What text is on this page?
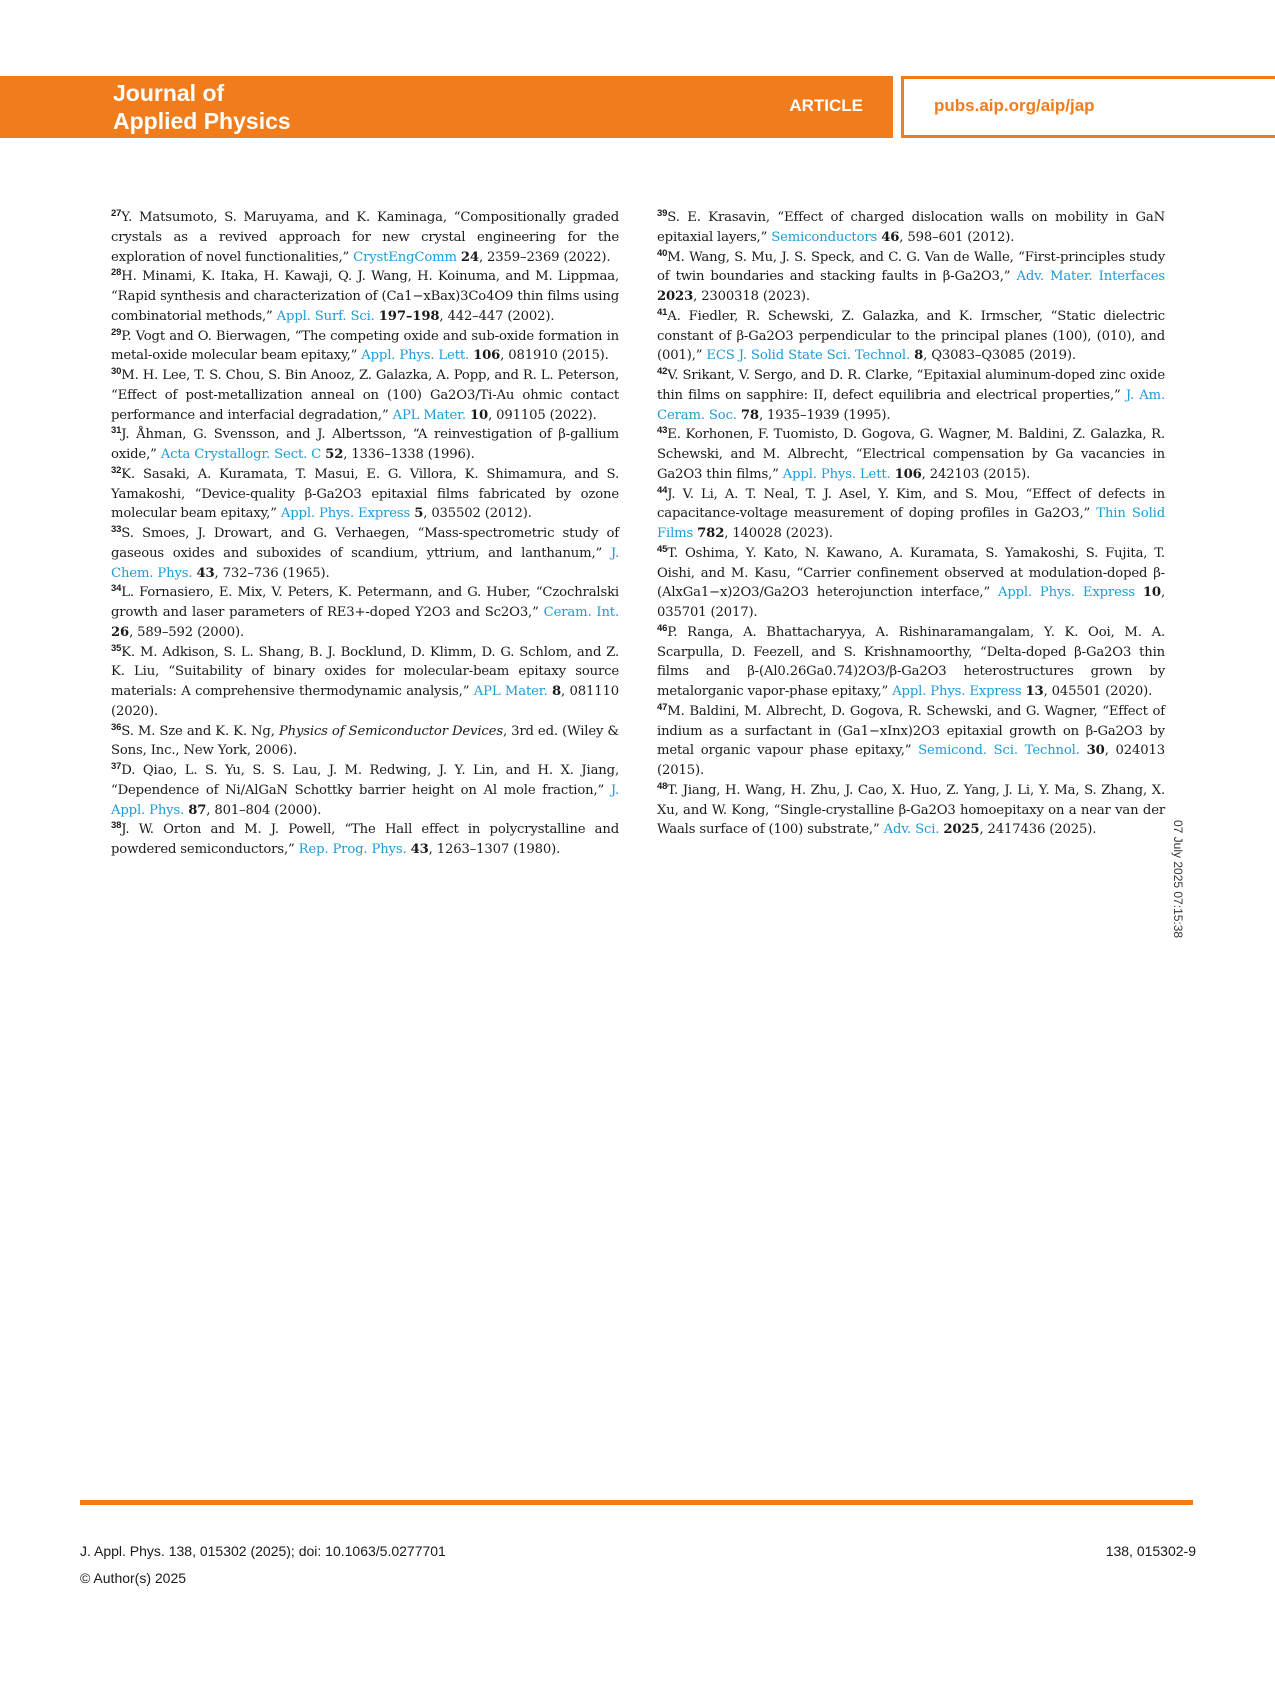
Journal of
Applied Physics
ARTICLE	pubs.aip.org/aip/jap

$^{27}$Y. Matsumoto, S. Maruyama, and K. Kaminaga, “Compositionally graded crystals as a revived approach for new crystal engineering for the exploration of novel functionalities,” CrystEngComm 24, 2359–2369 (2022).

$^{28}$H. Minami, K. Itaka, H. Kawaji, Q. J. Wang, H. Koinuma, and M. Lippmaa, “Rapid synthesis and characterization of (Ca1−xBax)3Co4O9 thin films using combinatorial methods,” Appl. Surf. Sci. 197–198, 442–447 (2002).

$^{29}$P. Vogt and O. Bierwagen, “The competing oxide and sub-oxide formation in metal-oxide molecular beam epitaxy,” Appl. Phys. Lett. 106, 081910 (2015).

$^{30}$M. H. Lee, T. S. Chou, S. Bin Anooz, Z. Galazka, A. Popp, and R. L. Peterson, “Effect of post-metallization anneal on (100) Ga2O3/Ti-Au ohmic contact performance and interfacial degradation,” APL Mater. 10, 091105 (2022).

$^{31}$J. Åhman, G. Svensson, and J. Albertsson, “A reinvestigation of β-gallium oxide,” Acta Crystallogr. Sect. C 52, 1336–1338 (1996).

$^{32}$K. Sasaki, A. Kuramata, T. Masui, E. G. Villora, K. Shimamura, and S. Yamakoshi, “Device-quality β-Ga2O3 epitaxial films fabricated by ozone molecular beam epitaxy,” Appl. Phys. Express 5, 035502 (2012).

$^{33}$S. Smoes, J. Drowart, and G. Verhaegen, “Mass-spectrometric study of gaseous oxides and suboxides of scandium, yttrium, and lanthanum,” J. Chem. Phys. 43, 732–736 (1965).

$^{34}$L. Fornasiero, E. Mix, V. Peters, K. Petermann, and G. Huber, “Czochralski growth and laser parameters of RE3+-doped Y2O3 and Sc2O3,” Ceram. Int. 26, 589–592 (2000).

$^{35}$K. M. Adkison, S. L. Shang, B. J. Bocklund, D. Klimm, D. G. Schlom, and Z. K. Liu, “Suitability of binary oxides for molecular-beam epitaxy source materials: A comprehensive thermodynamic analysis,” APL Mater. 8, 081110 (2020).

$^{36}$S. M. Sze and K. K. Ng, Physics of Semiconductor Devices, 3rd ed. (Wiley & Sons, Inc., New York, 2006).

$^{37}$D. Qiao, L. S. Yu, S. S. Lau, J. M. Redwing, J. Y. Lin, and H. X. Jiang, “Dependence of Ni/AlGaN Schottky barrier height on Al mole fraction,” J. Appl. Phys. 87, 801–804 (2000).

$^{38}$J. W. Orton and M. J. Powell, “The Hall effect in polycrystalline and powdered semiconductors,” Rep. Prog. Phys. 43, 1263–1307 (1980).

$^{39}$S. E. Krasavin, “Effect of charged dislocation walls on mobility in GaN epitaxial layers,” Semiconductors 46, 598–601 (2012).

$^{40}$M. Wang, S. Mu, J. S. Speck, and C. G. Van de Walle, “First-principles study of twin boundaries and stacking faults in β-Ga2O3,” Adv. Mater. Interfaces 2023, 2300318 (2023).

$^{41}$A. Fiedler, R. Schewski, Z. Galazka, and K. Irmscher, “Static dielectric constant of β-Ga2O3 perpendicular to the principal planes (100), (010), and (001),” ECS J. Solid State Sci. Technol. 8, Q3083–Q3085 (2019).

$^{42}$V. Srikant, V. Sergo, and D. R. Clarke, “Epitaxial aluminum-doped zinc oxide thin films on sapphire: II, defect equilibria and electrical properties,” J. Am. Ceram. Soc. 78, 1935–1939 (1995).

$^{43}$E. Korhonen, F. Tuomisto, D. Gogova, G. Wagner, M. Baldini, Z. Galazka, R. Schewski, and M. Albrecht, “Electrical compensation by Ga vacancies in Ga2O3 thin films,” Appl. Phys. Lett. 106, 242103 (2015).

$^{44}$J. V. Li, A. T. Neal, T. J. Asel, Y. Kim, and S. Mou, “Effect of defects in capacitance-voltage measurement of doping profiles in Ga2O3,” Thin Solid Films 782, 140028 (2023).

$^{45}$T. Oshima, Y. Kato, N. Kawano, A. Kuramata, S. Yamakoshi, S. Fujita, T. Oishi, and M. Kasu, “Carrier confinement observed at modulation-doped β-(AlxGa1−x)2O3/Ga2O3 heterojunction interface,” Appl. Phys. Express 10, 035701 (2017).

$^{46}$P. Ranga, A. Bhattacharyya, A. Rishinaramangalam, Y. K. Ooi, M. A. Scarpulla, D. Feezell, and S. Krishnamoorthy, “Delta-doped β-Ga2O3 thin films and β-(Al0.26Ga0.74)2O3/β-Ga2O3 heterostructures grown by metalorganic vapor-phase epitaxy,” Appl. Phys. Express 13, 045501 (2020).

$^{47}$M. Baldini, M. Albrecht, D. Gogova, R. Schewski, and G. Wagner, “Effect of indium as a surfactant in (Ga1−xInx)2O3 epitaxial growth on β-Ga2O3 by metal organic vapour phase epitaxy,” Semicond. Sci. Technol. 30, 024013 (2015).

$^{48}$T. Jiang, H. Wang, H. Zhu, J. Cao, X. Huo, Z. Yang, J. Li, Y. Ma, S. Zhang, X. Xu, and W. Kong, “Single-crystalline β-Ga2O3 homoepitaxy on a near van der Waals surface of (100) substrate,” Adv. Sci. 2025, 2417436 (2025).	07 July 2025 07:15:38
J. Appl. Phys. 138, 015302 (2025); doi: 10.1063/5.0277701
© Author(s) 2025
138, 015302-9
